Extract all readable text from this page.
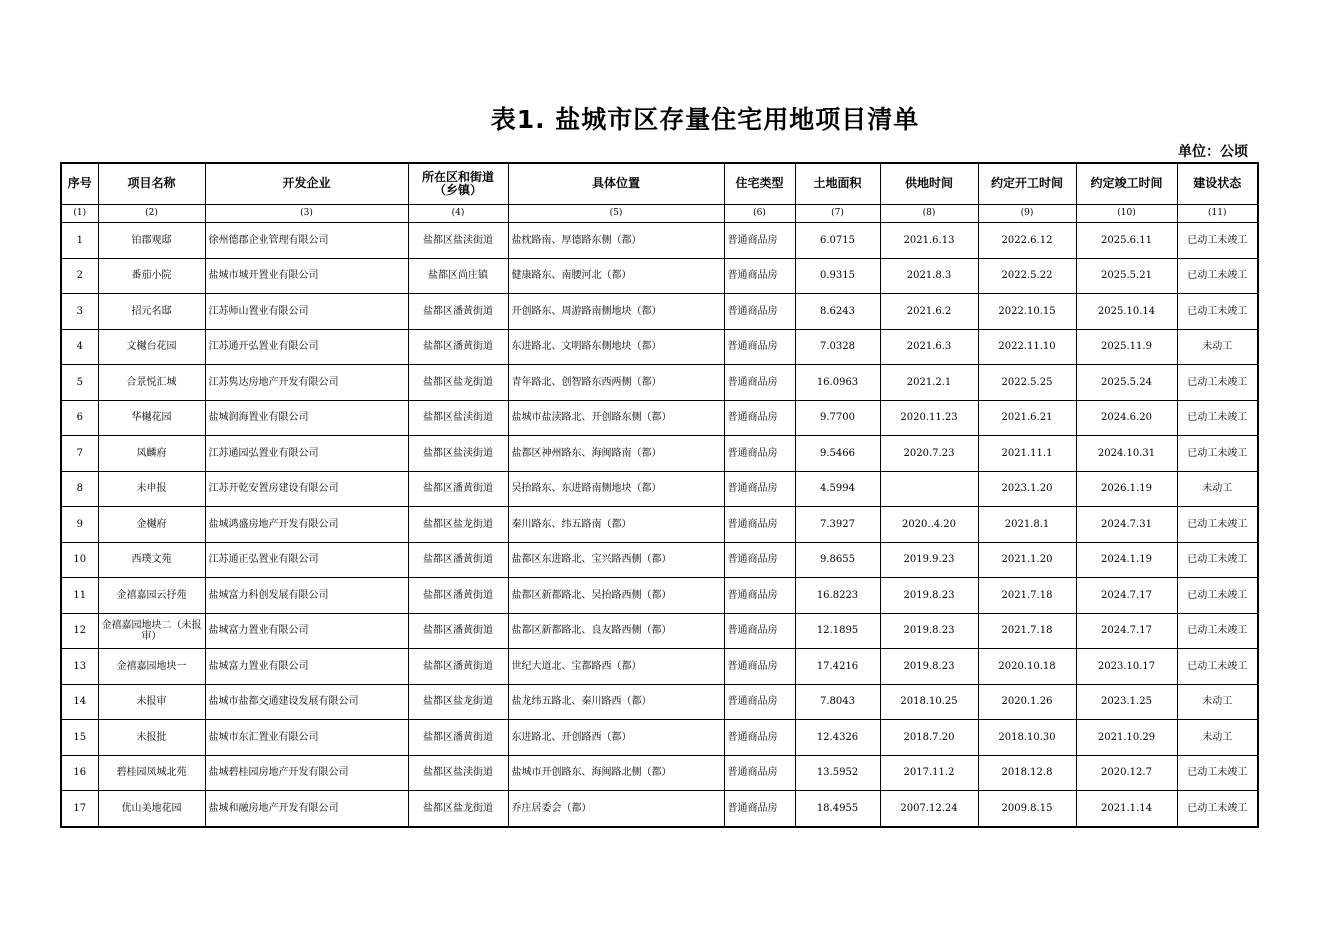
表1. 盐城市区存量住宅用地项目清单
单位：公顷
序号	项目名称	开发企业	所在区和街道（乡镇）	具体位置	住宅类型	土地面积	供地时间	约定开工时间	约定竣工时间	建设状态
(1)	(2)	(3)	(4)	(5)	(6)	(7)	(8)	(9)	(10)	(11)
1	铂郡观邸	徐州德郡企业管理有限公司	盐都区盐渎街道	盐枕路南、厚德路东侧（都）	普通商品房	6.0715	2021.6.13	2022.6.12	2025.6.11	已动工未竣工
2	番茄小院	盐城市城开置业有限公司	盐都区尚庄镇	健康路东、南腰河北（都）	普通商品房	0.9315	2021.8.3	2022.5.22	2025.5.21	已动工未竣工
3	招元名邸	江苏师山置业有限公司	盐都区潘黄街道	开创路东、周游路南侧地块（都）	普通商品房	8.6243	2021.6.2	2022.10.15	2025.10.14	已动工未竣工
4	文樾台花园	江苏通开弘置业有限公司	盐都区潘黄街道	东进路北、文明路东侧地块（都）	普通商品房	7.0328	2021.6.3	2022.11.10	2025.11.9	未动工
5	合景悦汇城	江苏隽达房地产开发有限公司	盐都区盐龙街道	青年路北、创智路东西两侧（都）	普通商品房	16.0963	2021.2.1	2022.5.25	2025.5.24	已动工未竣工
6	华樾花园	盐城润海置业有限公司	盐都区盐渎街道	盐城市盐渎路北、开创路东侧（都）	普通商品房	9.7700	2020.11.23	2021.6.21	2024.6.20	已动工未竣工
7	凤麟府	江苏通园弘置业有限公司	盐都区盐渎街道	盐都区神州路东、海闽路南（都）	普通商品房	9.5466	2020.7.23	2021.11.1	2024.10.31	已动工未竣工
8	未申报	江苏开乾安置房建设有限公司	盐都区潘黄街道	吴抬路东、东进路南侧地块（都）	普通商品房	4.5994		2023.1.20	2026.1.19	未动工
9	金樾府	盐城鸿盛房地产开发有限公司	盐都区盐龙街道	秦川路东、纬五路南（都）	普通商品房	7.3927	2020..4.20	2021.8.1	2024.7.31	已动工未竣工
10	西璞文苑	江苏通正弘置业有限公司	盐都区潘黄街道	盐都区东进路北、宝兴路西侧（都）	普通商品房	9.8655	2019.9.23	2021.1.20	2024.1.19	已动工未竣工
11	金禧嘉园云抒苑	盐城富力科创发展有限公司	盐都区潘黄街道	盐都区新都路北、吴抬路西侧（都）	普通商品房	16.8223	2019.8.23	2021.7.18	2024.7.17	已动工未竣工
12	金禧嘉园地块二（未报审）	盐城富力置业有限公司	盐都区潘黄街道	盐都区新都路北、良友路西侧（都）	普通商品房	12.1895	2019.8.23	2021.7.18	2024.7.17	已动工未竣工
13	金禧嘉园地块一	盐城富力置业有限公司	盐都区潘黄街道	世纪大道北、宝都路西（都）	普通商品房	17.4216	2019.8.23	2020.10.18	2023.10.17	已动工未竣工
14	未报审	盐城市盐都交通建设发展有限公司	盐都区盐龙街道	盐龙纬五路北、秦川路西（都）	普通商品房	7.8043	2018.10.25	2020.1.26	2023.1.25	未动工
15	未报批	盐城市东汇置业有限公司	盐都区潘黄街道	东进路北、开创路西（都）	普通商品房	12.4326	2018.7.20	2018.10.30	2021.10.29	未动工
16	碧桂园凤城北苑	盐城碧桂园房地产开发有限公司	盐都区盐渎街道	盐城市开创路东、海闽路北侧（都）	普通商品房	13.5952	2017.11.2	2018.12.8	2020.12.7	已动工未竣工
17	优山美地花园	盐城和融房地产开发有限公司	盐都区盐龙街道	乔庄居委会（都）	普通商品房	18.4955	2007.12.24	2009.8.15	2021.1.14	已动工未竣工
